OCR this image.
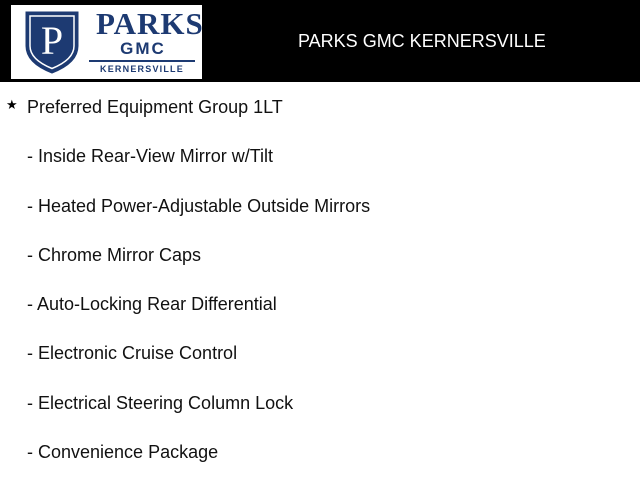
P PARKS
GMC
KERNERSVILLE
PARKS GMC KERNERSVILLE
★ Preferred Equipment Group 1LT
- Inside Rear-View Mirror w/Tilt
- Heated Power-Adjustable Outside Mirrors
- Chrome Mirror Caps
- Auto-Locking Rear Differential
- Electronic Cruise Control
- Electrical Steering Column Lock
- Convenience Package
